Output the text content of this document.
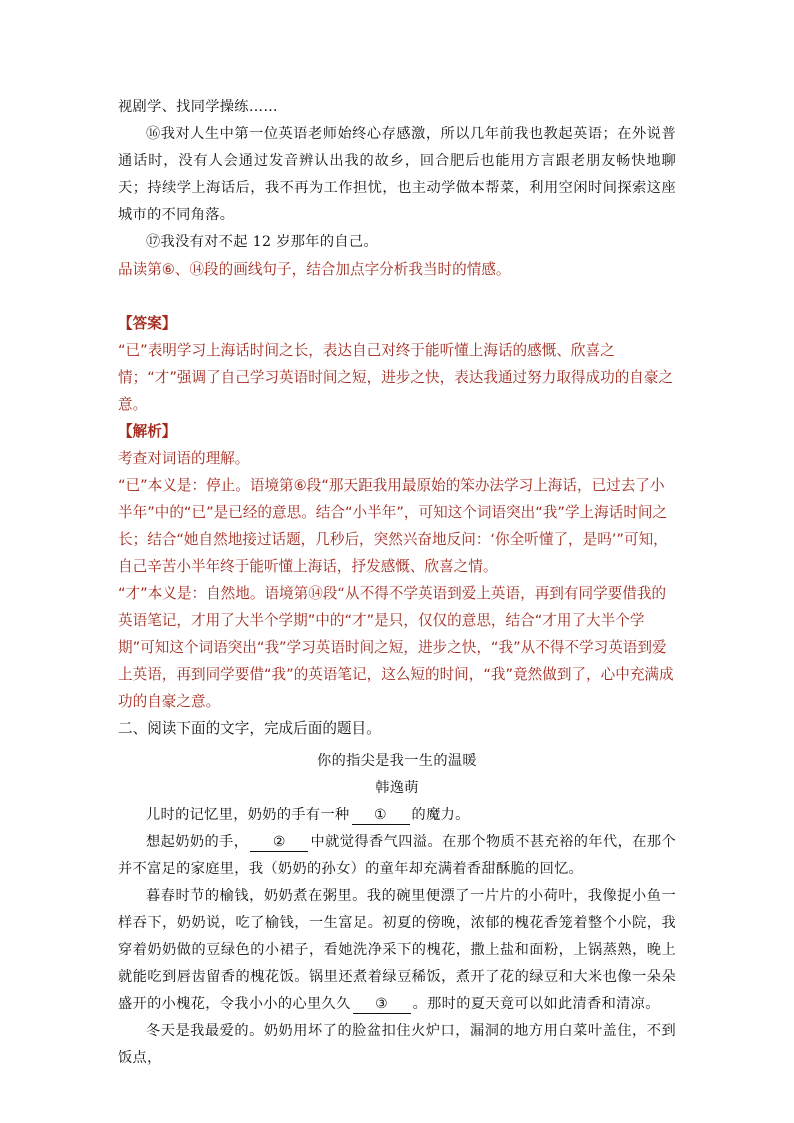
视剧学、找同学操练……

⑯我对人生中第一位英语老师始终心存感激，所以几年前我也教起英语；在外说普通话时，没有人会通过发音辨认出我的故乡，回合肥后也能用方言跟老朋友畅快地聊天；持续学上海话后，我不再为工作担忧，也主动学做本帮菜，利用空闲时间探索这座城市的不同角落。

⑰我没有对不起 12 岁那年的自己。

品读第⑥、⑭段的画线句子，结合加点字分析我当时的情感。

【答案】

“已”表明学习上海话时间之长，表达自己对终于能听懂上海话的感慨、欣喜之情；“才”强调了自己学习英语时间之短，进步之快，表达我通过努力取得成功的自豪之意。

【解析】

考查对词语的理解。

“已”本义是：停止。语境第⑥段“那天距我用最原始的笨办法学习上海话，已过去了小半年”中的“已”是已经的意思。结合“小半年”，可知这个词语突出“我”学上海话时间之长；结合“她自然地接过话题，几秒后，突然兴奋地反问：‘你全听懂了，是吗’”可知，自己辛苦小半年终于能听懂上海话，抒发感慨、欣喜之情。

“才”本义是：自然地。语境第⑭段“从不得不学英语到爱上英语，再到有同学要借我的英语笔记，才用了大半个学期”中的“才”是只，仅仅的意思，结合“才用了大半个学期”可知这个词语突出“我”学习英语时间之短，进步之快，“我”从不得不学习英语到爱上英语，再到同学要借“我”的英语笔记，这么短的时间，“我”竟然做到了，心中充满成功的自豪之意。

二、阅读下面的文字，完成后面的题目。

你的指尖是我一生的温暖

韩逸萌

儿时的记忆里，奶奶的手有一种 ① 的魔力。

想起奶奶的手， ② 中就觉得香气四溢。在那个物质不甚充裕的年代，在那个并不富足的家庭里，我（奶奶的孙女）的童年却充满着香甜酥脆的回忆。

暮春时节的榆钱，奶奶煮在粥里。我的碗里便漂了一片片的小荷叶，我像捉小鱼一样吞下，奶奶说，吃了榆钱，一生富足。初夏的傍晚，浓郁的槐花香笼着整个小院，我穿着奶奶做的豆绿色的小裙子，看她洗净采下的槐花，撒上盐和面粉，上锅蒸熟，晚上就能吃到唇齿留香的槐花饭。锅里还煮着绿豆稀饭，煮开了花的绿豆和大米也像一朵朵盛开的小槐花，令我小小的心里久久 ③ 。那时的夏天竟可以如此清香和清凉。

冬天是我最爱的。奶奶用坏了的脸盆扣住火炉口，漏洞的地方用白菜叶盖住，不到饭点，
